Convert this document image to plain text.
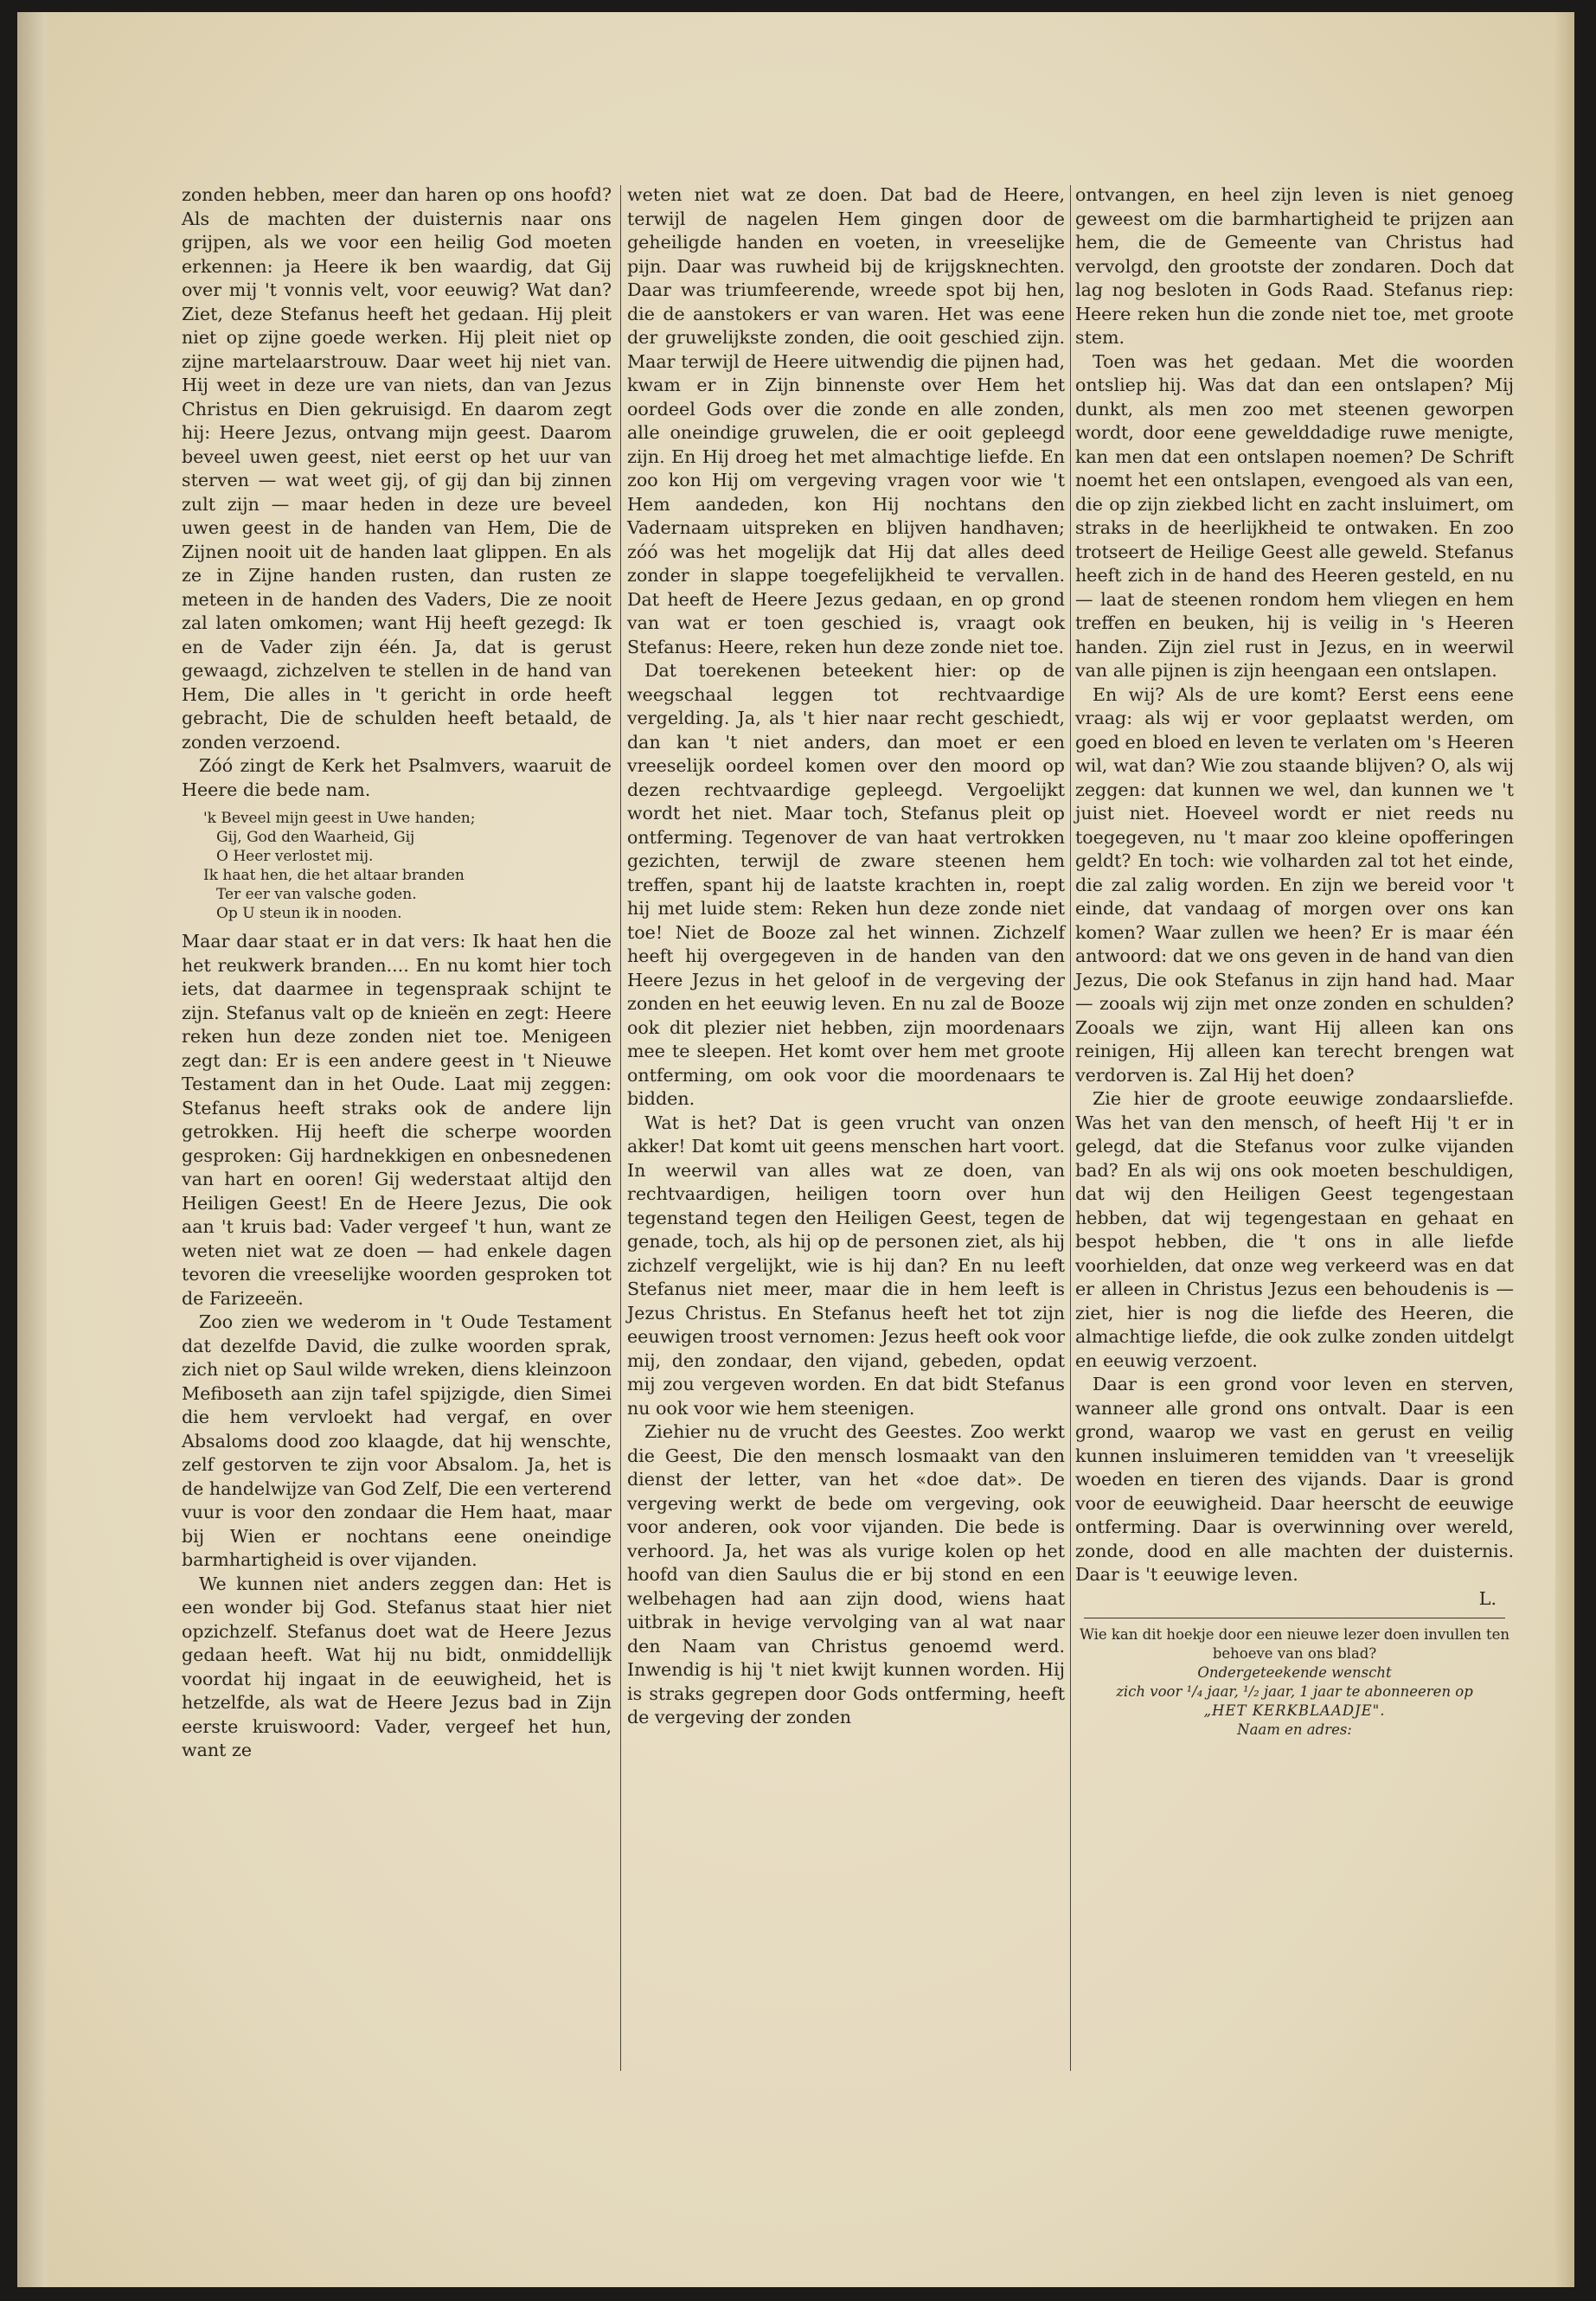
zonden hebben, meer dan haren op ons hoofd? Als de machten der duisternis naar ons grijpen, als we voor een heilig God moeten erkennen: ja Heere ik ben waardig, dat Gij over mij 't vonnis velt, voor eeuwig? Wat dan? Ziet, deze Stefanus heeft het gedaan. Hij pleit niet op zijne goede werken. Hij pleit niet op zijne martelaarstrouw. Daar weet hij niet van. Hij weet in deze ure van niets, dan van Jezus Christus en Dien gekruisigd. En daarom zegt hij: Heere Jezus, ontvang mijn geest. Daarom beveel uwen geest, niet eerst op het uur van sterven — wat weet gij, of gij dan bij zinnen zult zijn — maar heden in deze ure beveel uwen geest in de handen van Hem, Die de Zijnen nooit uit de handen laat glippen. En als ze in Zijne handen rusten, dan rusten ze meteen in de handen des Vaders, Die ze nooit zal laten omkomen; want Hij heeft gezegd: Ik en de Vader zijn één. Ja, dat is gerust gewaagd, zichzelven te stellen in de hand van Hem, Die alles in 't gericht in orde heeft gebracht, Die de schulden heeft betaald, de zonden verzoend.

Zóó zingt de Kerk het Psalmvers, waaruit de Heere die bede nam.

'k Beveel mijn geest in Uwe handen;
Gij, God den Waarheid, Gij
O Heer verlostet mij.
Ik haat hen, die het altaar branden
Ter eer van valsche goden.
Op U steun ik in nooden.

Maar daar staat er in dat vers: Ik haat hen die het reukwerk branden.... En nu komt hier toch iets, dat daarmee in tegenspraak schijnt te zijn. Stefanus valt op de knieën en zegt: Heere reken hun deze zonden niet toe. Menigeen zegt dan: Er is een andere geest in 't Nieuwe Testament dan in het Oude. Laat mij zeggen: Stefanus heeft straks ook de andere lijn getrokken. Hij heeft die scherpe woorden gesproken: Gij hardnekkigen en onbesnedenen van hart en ooren! Gij wederstaat altijd den Heiligen Geest! En de Heere Jezus, Die ook aan 't kruis bad: Vader vergeef 't hun, want ze weten niet wat ze doen — had enkele dagen tevoren die vreeselijke woorden gesproken tot de Farizeeën.

Zoo zien we wederom in 't Oude Testament dat dezelfde David, die zulke woorden sprak, zich niet op Saul wilde wreken, diens kleinzoon Mefiboseth aan zijn tafel spijzigde, dien Simei die hem vervloekt had vergaf, en over Absaloms dood zoo klaagde, dat hij wenschte, zelf gestorven te zijn voor Absalom. Ja, het is de handelwijze van God Zelf, Die een verterend vuur is voor den zondaar die Hem haat, maar bij Wien er nochtans eene oneindige barmhartigheid is over vijanden.

We kunnen niet anders zeggen dan: Het is een wonder bij God. Stefanus staat hier niet opzichzelf. Stefanus doet wat de Heere Jezus gedaan heeft. Wat hij nu bidt, onmiddellijk voordat hij ingaat in de eeuwigheid, het is hetzelfde, als wat de Heere Jezus bad in Zijn eerste kruiswoord: Vader, vergeef het hun, want ze

weten niet wat ze doen. Dat bad de Heere, terwijl de nagelen Hem gingen door de geheiligde handen en voeten, in vreeselijke pijn. Daar was ruwheid bij de krijgsknechten. Daar was triumfeerende, wreede spot bij hen, die de aanstokers er van waren. Het was eene der gruwelijkste zonden, die ooit geschied zijn. Maar terwijl de Heere uitwendig die pijnen had, kwam er in Zijn binnenste over Hem het oordeel Gods over die zonde en alle zonden, alle oneindige gruwelen, die er ooit gepleegd zijn. En Hij droeg het met almachtige liefde. En zoo kon Hij om vergeving vragen voor wie 't Hem aandeden, kon Hij nochtans den Vadernaam uitspreken en blijven handhaven; zóó was het mogelijk dat Hij dat alles deed zonder in slappe toegefelijkheid te vervallen. Dat heeft de Heere Jezus gedaan, en op grond van wat er toen geschied is, vraagt ook Stefanus: Heere, reken hun deze zonde niet toe.

Dat toerekenen beteekent hier: op de weegschaal leggen tot rechtvaardige vergelding. Ja, als 't hier naar recht geschiedt, dan kan 't niet anders, dan moet er een vreeselijk oordeel komen over den moord op dezen rechtvaardige gepleegd. Vergoelijkt wordt het niet. Maar toch, Stefanus pleit op ontferming. Tegenover de van haat vertrokken gezichten, terwijl de zware steenen hem treffen, spant hij de laatste krachten in, roept hij met luide stem: Reken hun deze zonde niet toe! Niet de Booze zal het winnen. Zichzelf heeft hij overgegeven in de handen van den Heere Jezus in het geloof in de vergeving der zonden en het eeuwig leven. En nu zal de Booze ook dit plezier niet hebben, zijn moordenaars mee te sleepen. Het komt over hem met groote ontferming, om ook voor die moordenaars te bidden.

Wat is het? Dat is geen vrucht van onzen akker! Dat komt uit geens menschen hart voort. In weerwil van alles wat ze doen, van rechtvaardigen, heiligen toorn over hun tegenstand tegen den Heiligen Geest, tegen de genade, toch, als hij op de personen ziet, als hij zichzelf vergelijkt, wie is hij dan? En nu leeft Stefanus niet meer, maar die in hem leeft is Jezus Christus. En Stefanus heeft het tot zijn eeuwigen troost vernomen: Jezus heeft ook voor mij, den zondaar, den vijand, gebeden, opdat mij zou vergeven worden. En dat bidt Stefanus nu ook voor wie hem steenigen.

Ziehier nu de vrucht des Geestes. Zoo werkt die Geest, Die den mensch losmaakt van den dienst der letter, van het «doe dat». De vergeving werkt de bede om vergeving, ook voor anderen, ook voor vijanden. Die bede is verhoord. Ja, het was als vurige kolen op het hoofd van dien Saulus die er bij stond en een welbehagen had aan zijn dood, wiens haat uitbrak in hevige vervolging van al wat naar den Naam van Christus genoemd werd. Inwendig is hij 't niet kwijt kunnen worden. Hij is straks gegrepen door Gods ontferming, heeft de vergeving der zonden

ontvangen, en heel zijn leven is niet genoeg geweest om die barmhartigheid te prijzen aan hem, die de Gemeente van Christus had vervolgd, den grootste der zondaren. Doch dat lag nog besloten in Gods Raad. Stefanus riep: Heere reken hun die zonde niet toe, met groote stem.

Toen was het gedaan. Met die woorden ontsliep hij. Was dat dan een ontslapen? Mij dunkt, als men zoo met steenen geworpen wordt, door eene gewelddadige ruwe menigte, kan men dat een ontslapen noemen? De Schrift noemt het een ontslapen, evengoed als van een, die op zijn ziekbed licht en zacht insluimert, om straks in de heerlijkheid te ontwaken. En zoo trotseert de Heilige Geest alle geweld. Stefanus heeft zich in de hand des Heeren gesteld, en nu — laat de steenen rondom hem vliegen en hem treffen en beuken, hij is veilig in 's Heeren handen. Zijn ziel rust in Jezus, en in weerwil van alle pijnen is zijn heengaan een ontslapen.

En wij? Als de ure komt? Eerst eens eene vraag: als wij er voor geplaatst werden, om goed en bloed en leven te verlaten om 's Heeren wil, wat dan? Wie zou staande blijven? O, als wij zeggen: dat kunnen we wel, dan kunnen we 't juist niet. Hoeveel wordt er niet reeds nu toegegeven, nu 't maar zoo kleine opofferingen geldt? En toch: wie volharden zal tot het einde, die zal zalig worden. En zijn we bereid voor 't einde, dat vandaag of morgen over ons kan komen? Waar zullen we heen? Er is maar één antwoord: dat we ons geven in de hand van dien Jezus, Die ook Stefanus in zijn hand had. Maar — zooals wij zijn met onze zonden en schulden? Zooals we zijn, want Hij alleen kan ons reinigen, Hij alleen kan terecht brengen wat verdorven is. Zal Hij het doen?

Zie hier de groote eeuwige zondaarsliefde. Was het van den mensch, of heeft Hij 't er in gelegd, dat die Stefanus voor zulke vijanden bad? En als wij ons ook moeten beschuldigen, dat wij den Heiligen Geest tegengestaan hebben, dat wij tegengestaan en gehaat en bespot hebben, die 't ons in alle liefde voorhielden, dat onze weg verkeerd was en dat er alleen in Christus Jezus een behoudenis is — ziet, hier is nog die liefde des Heeren, die almachtige liefde, die ook zulke zonden uitdelgt en eeuwig verzoent.

Daar is een grond voor leven en sterven, wanneer alle grond ons ontvalt. Daar is een grond, waarop we vast en gerust en veilig kunnen insluimeren temidden van 't vreeselijk woeden en tieren des vijands. Daar is grond voor de eeuwigheid. Daar heerscht de eeuwige ontferming. Daar is overwinning over wereld, zonde, dood en alle machten der duisternis. Daar is 't eeuwige leven.

L.

Wie kan dit hoekje door een nieuwe lezer doen invullen ten behoeve van ons blad?
Ondergeteekende wenscht
zich voor ¹/₄ jaar, ¹/₂ jaar, 1 jaar te abonneeren op
„HET KERKBLAADJE".
Naam en adres:
